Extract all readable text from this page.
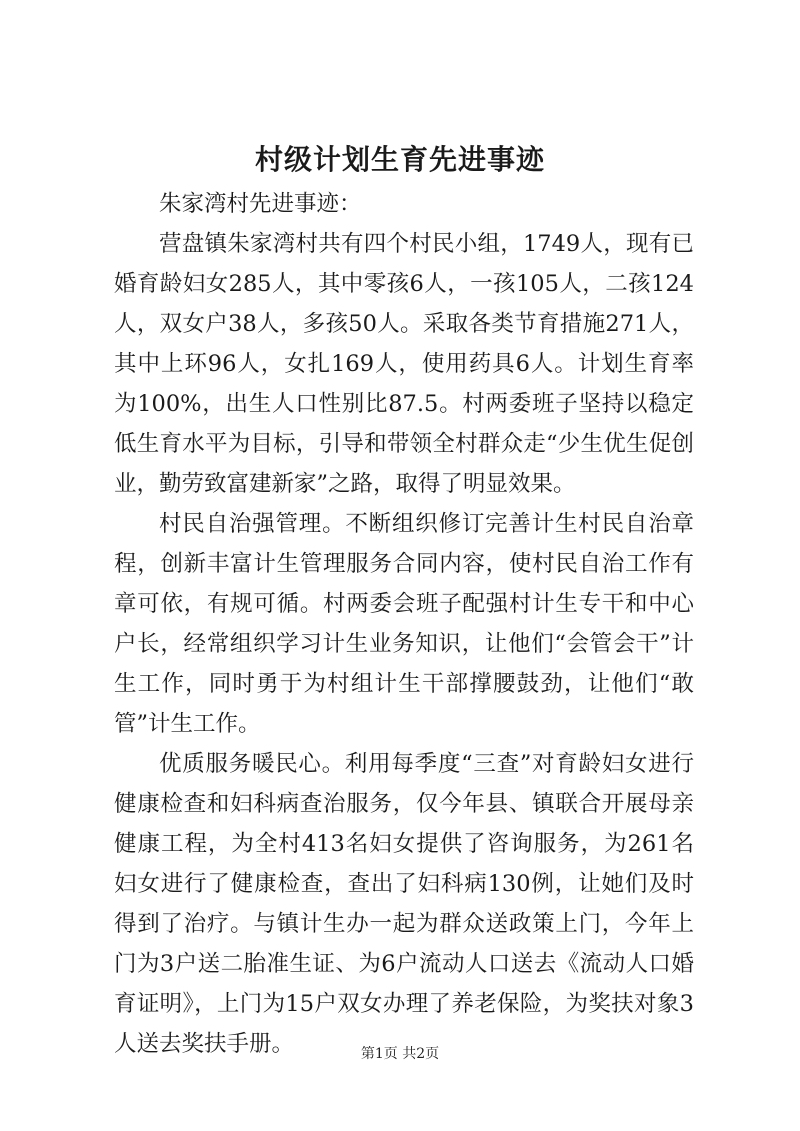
村级计划生育先进事迹

朱家湾村先进事迹：

营盘镇朱家湾村共有四个村民小组，1749人，现有已婚育龄妇女285人，其中零孩6人，一孩105人，二孩124人，双女户38人，多孩50人。采取各类节育措施271人，其中上环96人，女扎169人，使用药具6人。计划生育率为100%，出生人口性别比87.5。村两委班子坚持以稳定低生育水平为目标，引导和带领全村群众走“少生优生促创业，勤劳致富建新家”之路，取得了明显效果。

村民自治强管理。不断组织修订完善计生村民自治章程，创新丰富计生管理服务合同内容，使村民自治工作有章可依，有规可循。村两委会班子配强村计生专干和中心户长，经常组织学习计生业务知识，让他们“会管会干”计生工作，同时勇于为村组计生干部撑腰鼓劲，让他们“敢管”计生工作。

优质服务暖民心。利用每季度“三查”对育龄妇女进行健康检查和妇科病查治服务，仅今年县、镇联合开展母亲健康工程，为全村413名妇女提供了咨询服务，为261名妇女进行了健康检查，查出了妇科病130例，让她们及时得到了治疗。与镇计生办一起为群众送政策上门，今年上门为3户送二胎准生证、为6户流动人口送去《流动人口婚育证明》，上门为15户双女办理了养老保险，为奖扶对象3人送去奖扶手册。	第1页 共2页
